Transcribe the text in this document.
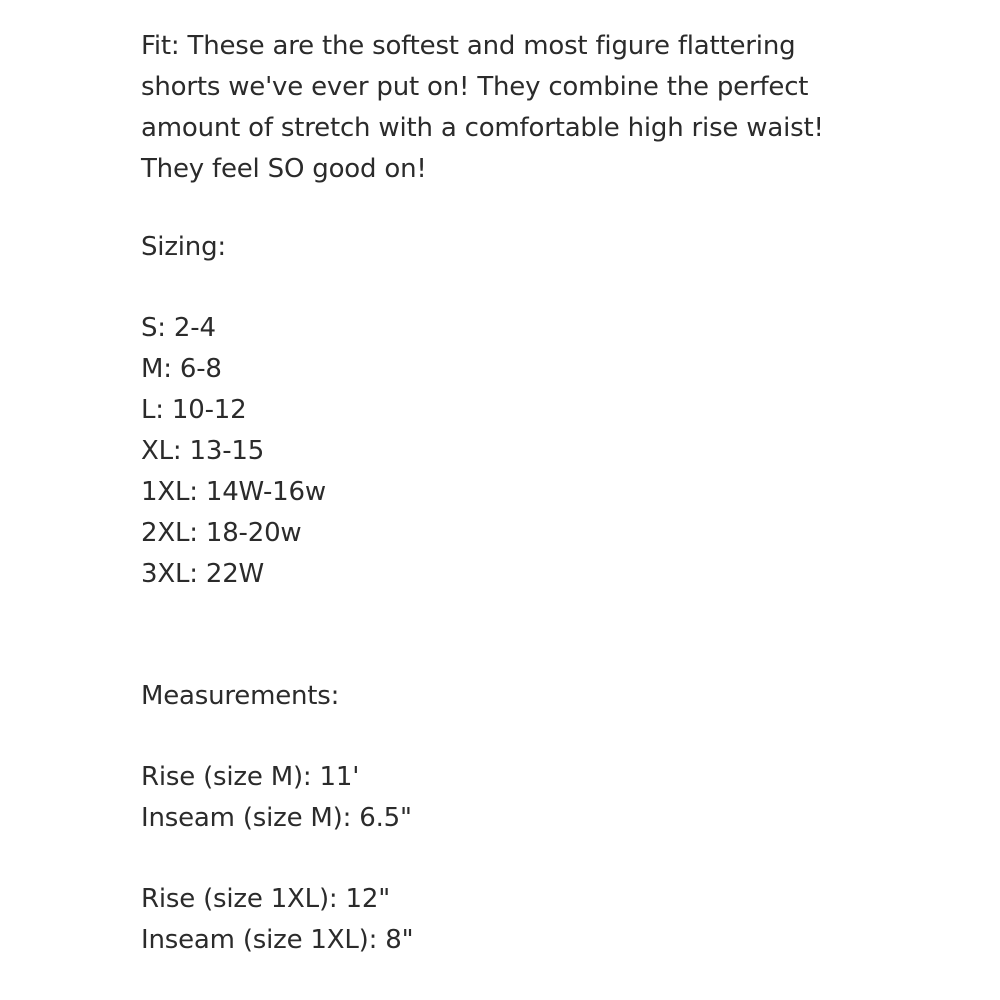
Fit: These are the softest and most figure flattering
shorts we've ever put on! They combine the perfect
amount of stretch with a comfortable high rise waist!
They feel SO good on!
Sizing:
S: 2-4
M: 6-8
L: 10-12
XL: 13-15
1XL: 14W-16w
2XL: 18-20w
3XL: 22W
Measurements:
Rise (size M): 11'
Inseam (size M): 6.5"
Rise (size 1XL): 12"
Inseam (size 1XL): 8"
